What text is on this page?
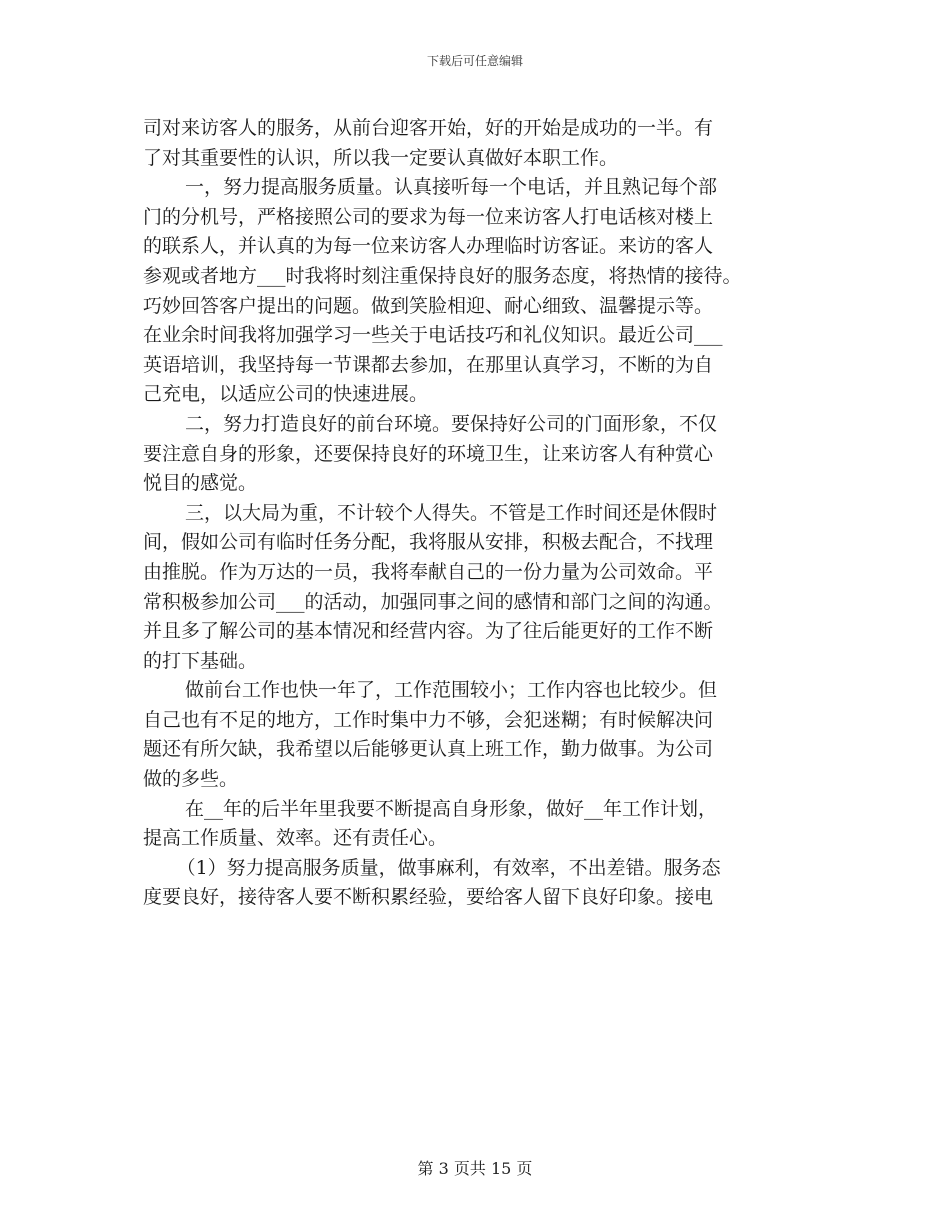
下载后可任意编辑
司对来访客人的服务，从前台迎客开始，好的开始是成功的一半。有
了对其重要性的认识，所以我一定要认真做好本职工作。
一，努力提高服务质量。认真接听每一个电话，并且熟记每个部
门的分机号，严格接照公司的要求为每一位来访客人打电话核对楼上
的联系人，并认真的为每一位来访客人办理临时访客证。来访的客人
参观或者地方___时我将时刻注重保持良好的服务态度，将热情的接待。
巧妙回答客户提出的问题。做到笑脸相迎、耐心细致、温馨提示等。
在业余时间我将加强学习一些关于电话技巧和礼仪知识。最近公司___
英语培训，我坚持每一节课都去参加，在那里认真学习，不断的为自
己充电，以适应公司的快速进展。
二，努力打造良好的前台环境。要保持好公司的门面形象，不仅
要注意自身的形象，还要保持良好的环境卫生，让来访客人有种赏心
悦目的感觉。
三，以大局为重，不计较个人得失。不管是工作时间还是休假时
间，假如公司有临时任务分配，我将服从安排，积极去配合，不找理
由推脱。作为万达的一员，我将奉献自己的一份力量为公司效命。平
常积极参加公司___的活动，加强同事之间的感情和部门之间的沟通。
并且多了解公司的基本情况和经营内容。为了往后能更好的工作不断
的打下基础。
做前台工作也快一年了，工作范围较小；工作内容也比较少。但
自己也有不足的地方，工作时集中力不够，会犯迷糊；有时候解决问
题还有所欠缺，我希望以后能够更认真上班工作，勤力做事。为公司
做的多些。
在__年的后半年里我要不断提高自身形象，做好__年工作计划，
提高工作质量、效率。还有责任心。
（1）努力提高服务质量，做事麻利，有效率，不出差错。服务态
度要良好，接待客人要不断积累经验，要给客人留下良好印象。接电
第 3 页共 15 页
